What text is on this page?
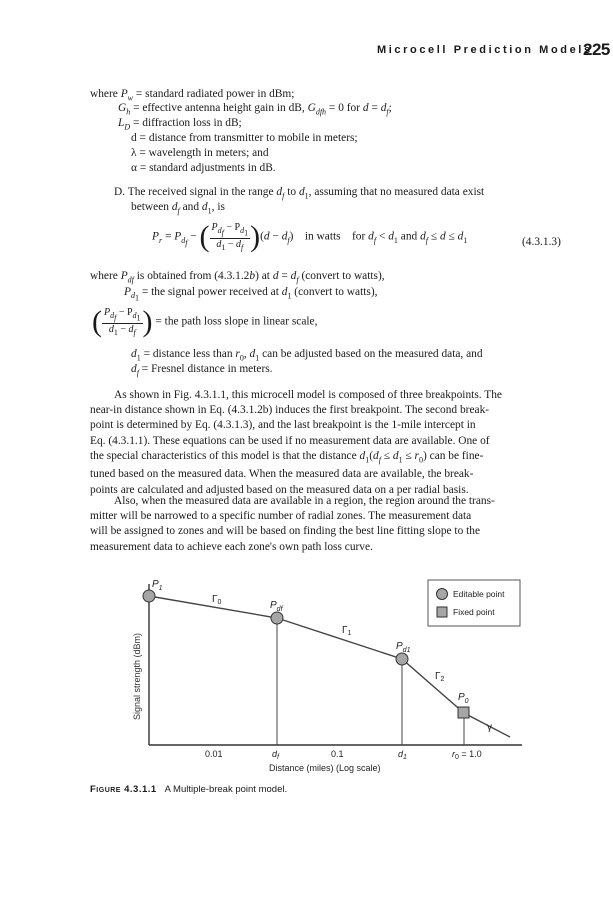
Microcell Prediction Models
225
where $P_w$ = standard radiated power in dBm;
$G_h$ = effective antenna height gain in dB, $G_{dfh} = 0$ for $d = d_f$;
$L_D$ = diffraction loss in dB;
d = distance from transmitter to mobile in meters;
λ = wavelength in meters; and
α = standard adjustments in dB.
D. The received signal in the range $d_f$ to $d_1$, assuming that no measured data exist
between $d_f$ and $d_1$, is
$P_r = P_{d_f}$ − ( $\frac{P_{d_f} - P_{d_1}}{d_1 - d_f} )(d - d_f)$    in watts for $d_f < d_1$ and $d_f \le d \le d_1$	(4.3.1.3)
where $P_{df}$ is obtained from (4.3.1.2b) at $d = d_f$ (convert to watts),
$P_{d_1}$ = the signal power received at $d_1$ (convert to watts),
( $\frac{P_{d_f} - P_{d_1}}{d_1 - d_f}$ ) = the path loss slope in linear scale,
$d_1$ = distance less than $r_0$, $d_1$ can be adjusted based on the measured data, and
$d_f$ = Fresnel distance in meters.
As shown in Fig. 4.3.1.1, this microcell model is composed of three breakpoints. The
near-in distance shown in Eq. (4.3.1.2b) induces the first breakpoint. The second break-
point is determined by Eq. (4.3.1.3), and the last breakpoint is the 1-mile intercept in
Eq. (4.3.1.1). These equations can be used if no measurement data are available. One of
the special characteristics of this model is that the distance $d_1(d_f \le d_1 \le r_0)$ can be fine-
tuned based on the measured data. When the measured data are available, the break-
points are calculated and adjusted based on the measured data on a per radial basis.
Also, when the measured data are available in a region, the region around the trans-
mitter will be narrowed to a specific number of radial zones. The measurement data
will be assigned to zones and will be based on finding the best line fitting slope to the
measurement data to achieve each zone's own path loss curve.
Signal strength (dBm)
$P_1$
$P_{df}$
$P_{d1}$
$P_0$
$\Gamma_0$
$\Gamma_1$
$\Gamma_2$
γ
0.01	$d_f$	0.1	$d_1$	$r_0 = 1.0$
Distance (miles) (Log scale)
Editable point
Fixed point
Figure 4.3.1.1 A Multiple-break point model.
